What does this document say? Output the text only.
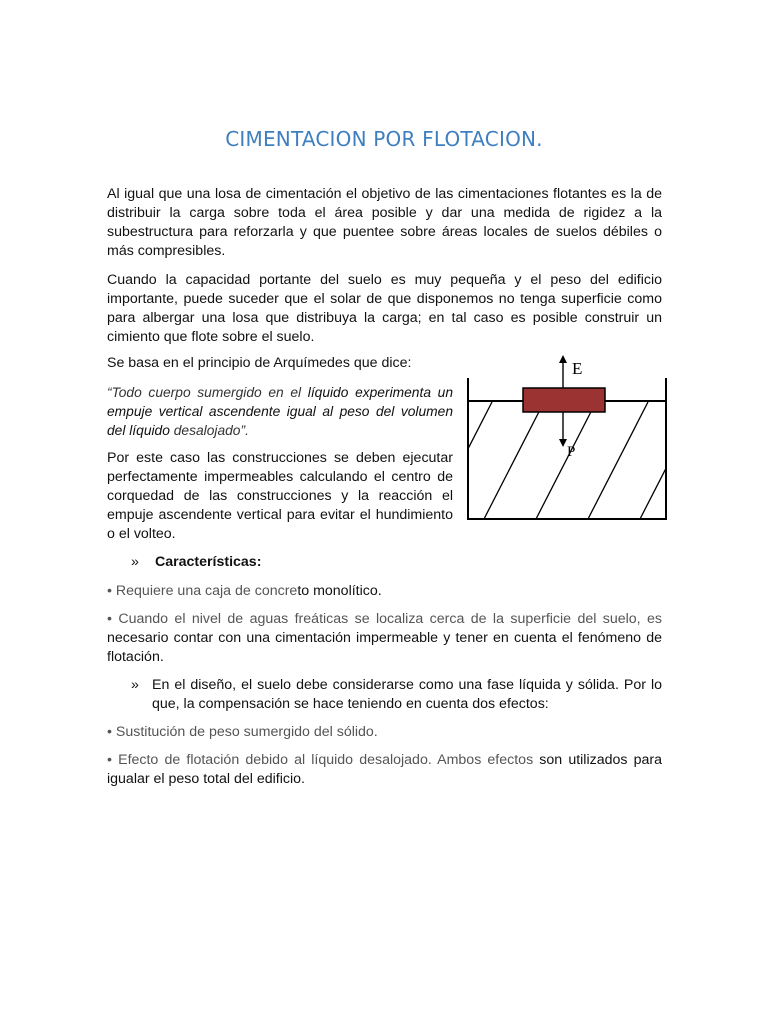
CIMENTACION POR FLOTACION.

Al igual que una losa de cimentación el objetivo de las cimentaciones flotantes es la de distribuir la carga sobre toda el área posible y dar una medida de rigidez a la subestructura para reforzarla y que puentee sobre áreas locales de suelos débiles o más compresibles.

Cuando la capacidad portante del suelo es muy pequeña y el peso del edificio importante, puede suceder que el solar de que disponemos no tenga superficie como para albergar una losa que distribuya la carga; en tal caso es posible construir un cimiento que flote sobre el suelo.

Se basa en el principio de Arquímedes que dice:

“Todo cuerpo sumergido en el líquido experimenta un empuje vertical ascendente igual al peso del volumen del líquido desalojado”.

Por este caso las construcciones se deben ejecutar perfectamente impermeables calculando el centro de corquedad de las construcciones y la reacción el empuje ascendente vertical para evitar el hundimiento o el volteo.

» Características:

• Requiere una caja de concreto monolítico.

• Cuando el nivel de aguas freáticas se localiza cerca de la superficie del suelo, es necesario contar con una cimentación impermeable y tener en cuenta el fenómeno de flotación.

» En el diseño, el suelo debe considerarse como una fase líquida y sólida. Por lo que, la compensación se hace teniendo en cuenta dos efectos:

• Sustitución de peso sumergido del sólido.

• Efecto de flotación debido al líquido desalojado. Ambos efectos son utilizados para igualar el peso total del edificio.

E
P
